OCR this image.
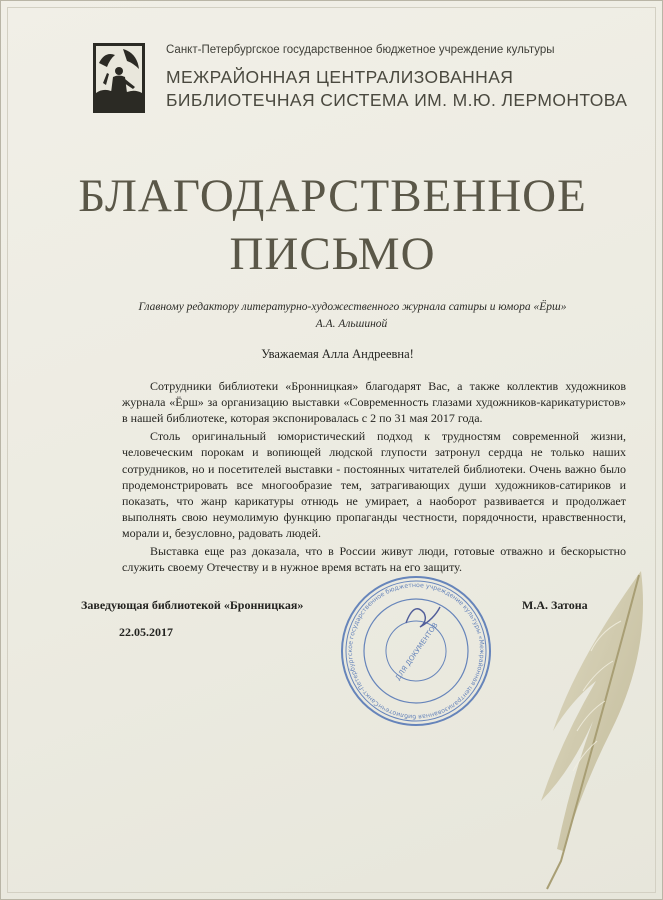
Санкт-Петербургское государственное бюджетное учреждение культуры
МЕЖРАЙОННАЯ ЦЕНТРАЛИЗОВАННАЯ
БИБЛИОТЕЧНАЯ СИСТЕМА ИМ. М.Ю. ЛЕРМОНТОВА
БЛАГОДАРСТВЕННОЕ
ПИСЬМО
Главному редактору литературно-художественного журнала сатиры и юмора «Ёрш»
А.А. Альшиной
Уважаемая Алла Андреевна!

Сотрудники библиотеки «Бронницкая» благодарят Вас, а также коллектив художников журнала «Ёрш» за организацию выставки «Современность глазами художников-карикатуристов» в нашей библиотеке, которая экспонировалась с 2 по 31 мая 2017 года.

Столь оригинальный юмористический подход к трудностям современной жизни, человеческим порокам и вопиющей людской глупости затронул сердца не только наших сотрудников, но и посетителей выставки - постоянных читателей библиотеки. Очень важно было продемонстрировать все многообразие тем, затрагивающих души художников-сатириков и показать, что жанр карикатуры отнюдь не умирает, а наоборот развивается и продолжает выполнять свою неумолимую функцию пропаганды честности, порядочности, нравственности, морали и, безусловно, радовать людей.

Выставка еще раз доказала, что в России живут люди, готовые отважно и бескорыстно служить своему Отечеству и в нужное время встать на его защиту.

Санкт-Петербургское государственное бюджетное учреждение культуры «Межрайонная централизованная библиотечная	ДЛЯ ДОКУМЕНТОВ
Заведующая библиотекой «Бронницкая»
22.05.2017
М.А. Затона
